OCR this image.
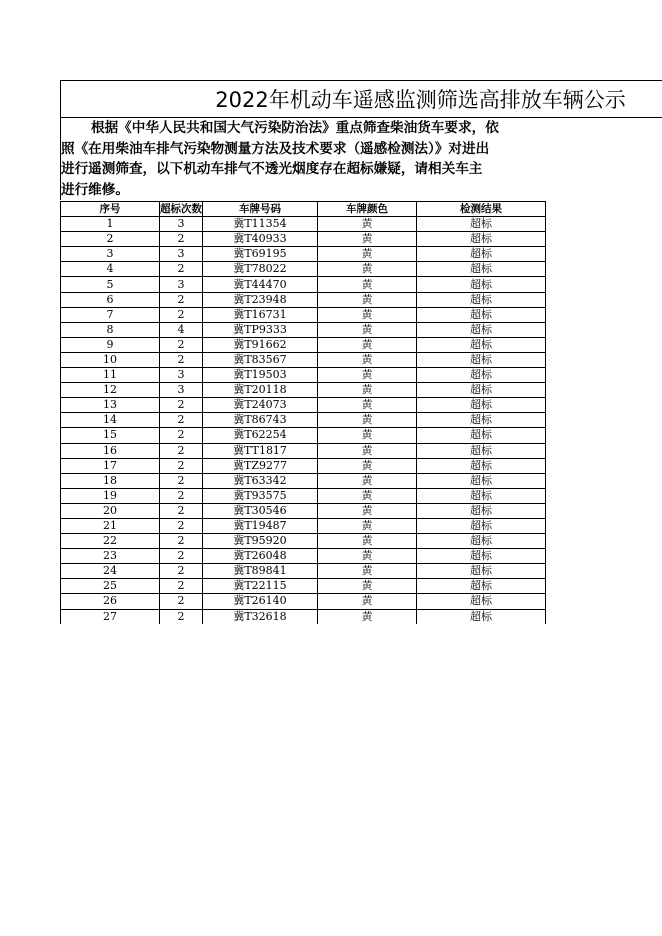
2022年机动车遥感监测筛选高排放车辆公示
根据《中华人民共和国大气污染防治法》重点筛查柴油货车要求，依
照《在用柴油车排气污染物测量方法及技术要求（遥感检测法）》对进出
进行遥测筛查，以下机动车排气不透光烟度存在超标嫌疑，请相关车主
进行维修。
序号	超标次数	车牌号码	车牌颜色	检测结果
1	3	冀T11354	黄	超标
2	2	冀T40933	黄	超标
3	3	冀T69195	黄	超标
4	2	冀T78022	黄	超标
5	3	冀T44470	黄	超标
6	2	冀T23948	黄	超标
7	2	冀T16731	黄	超标
8	4	冀TP9333	黄	超标
9	2	冀T91662	黄	超标
10	2	冀T83567	黄	超标
11	3	冀T19503	黄	超标
12	3	冀T20118	黄	超标
13	2	冀T24073	黄	超标
14	2	冀T86743	黄	超标
15	2	冀T62254	黄	超标
16	2	冀TT1817	黄	超标
17	2	冀TZ9277	黄	超标
18	2	冀T63342	黄	超标
19	2	冀T93575	黄	超标
20	2	冀T30546	黄	超标
21	2	冀T19487	黄	超标
22	2	冀T95920	黄	超标
23	2	冀T26048	黄	超标
24	2	冀T89841	黄	超标
25	2	冀T22115	黄	超标
26	2	冀T26140	黄	超标
27	2	冀T32618	黄	超标
